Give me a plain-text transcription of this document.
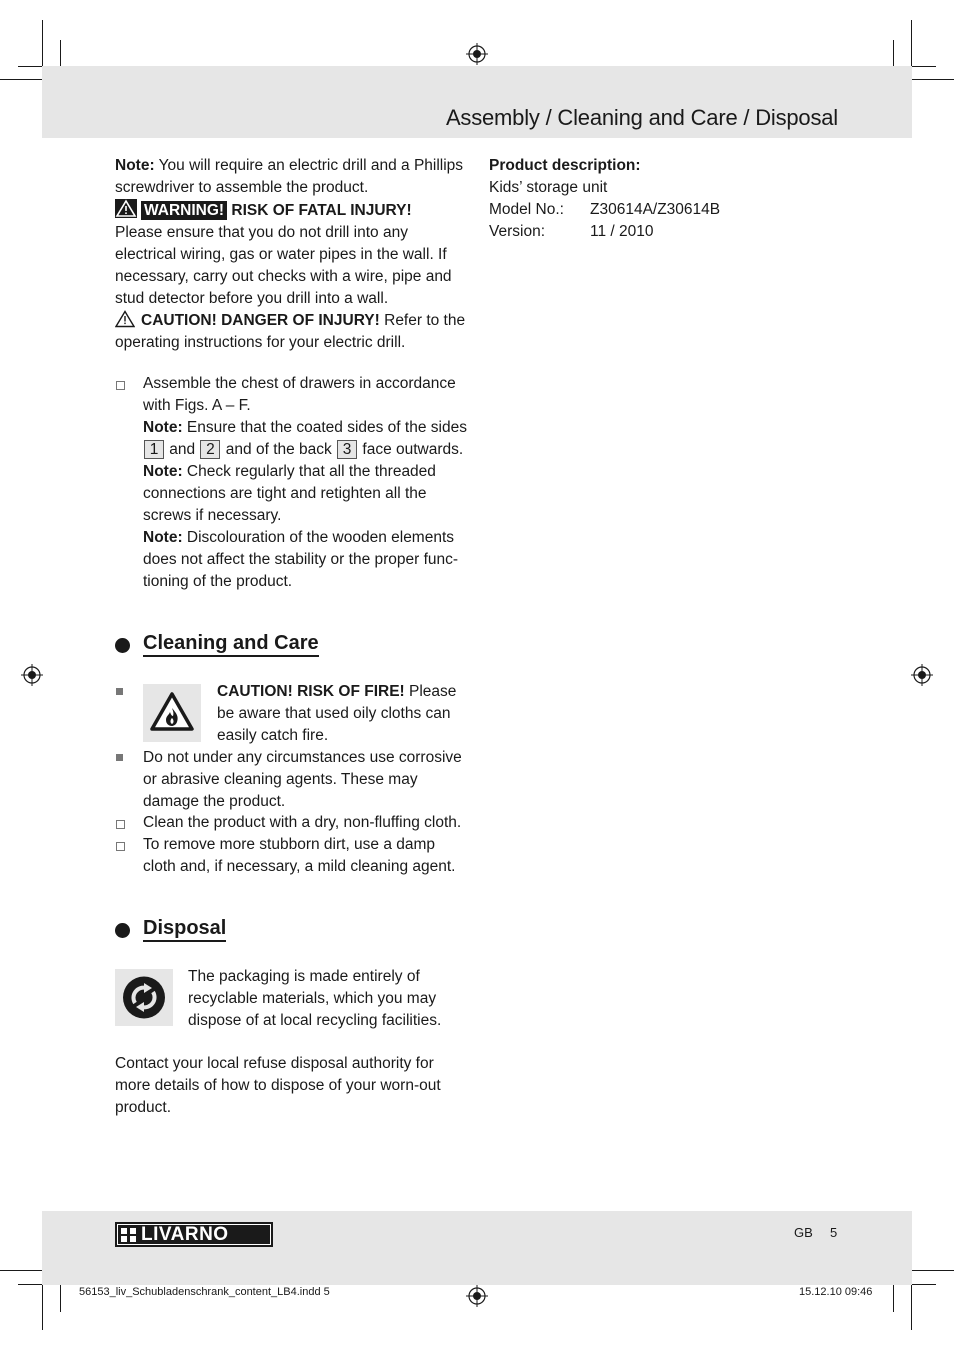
Assembly / Cleaning and Care / Disposal

Note: You will require an electric drill and a Phillips screwdriver to assemble the product.

WARNING! RISK OF FATAL INJURY!
Please ensure that you do not drill into any electrical wiring, gas or water pipes in the wall. If necessary, carry out checks with a wire, pipe and stud detector before you drill into a wall.

CAUTION! DANGER OF INJURY! Refer to the operating instructions for your electric drill.

Assemble the chest of drawers in accordance with Figs. A – F.

Note: Ensure that the coated sides of the sides 1 and 2 and of the back 3 face outwards.

Note: Check regularly that all the threaded connections are tight and retighten all the screws if necessary.

Note: Discolouration of the wooden elements does not affect the stability or the proper func-tioning of the product.

Cleaning and Care

CAUTION! RISK OF FIRE! Please be aware that used oily cloths can easily catch fire.

Do not under any circumstances use corrosive or abrasive cleaning agents. These may damage the product.

Clean the product with a dry, non-fluffing cloth.

To remove more stubborn dirt, use a damp cloth and, if necessary, a mild cleaning agent.

Disposal

The packaging is made entirely of recyclable materials, which you may dispose of at local recycling facilities.

Contact your local refuse disposal authority for more details of how to dispose of your worn-out product.

Product description:

Kids’ storage unit

Model No.: Z30614A/Z30614B

Version:	11 / 2010

LIVARNO	GB 5
56153_liv_Schubladenschrank_content_LB4.indd 5	15.12.10 09:46
